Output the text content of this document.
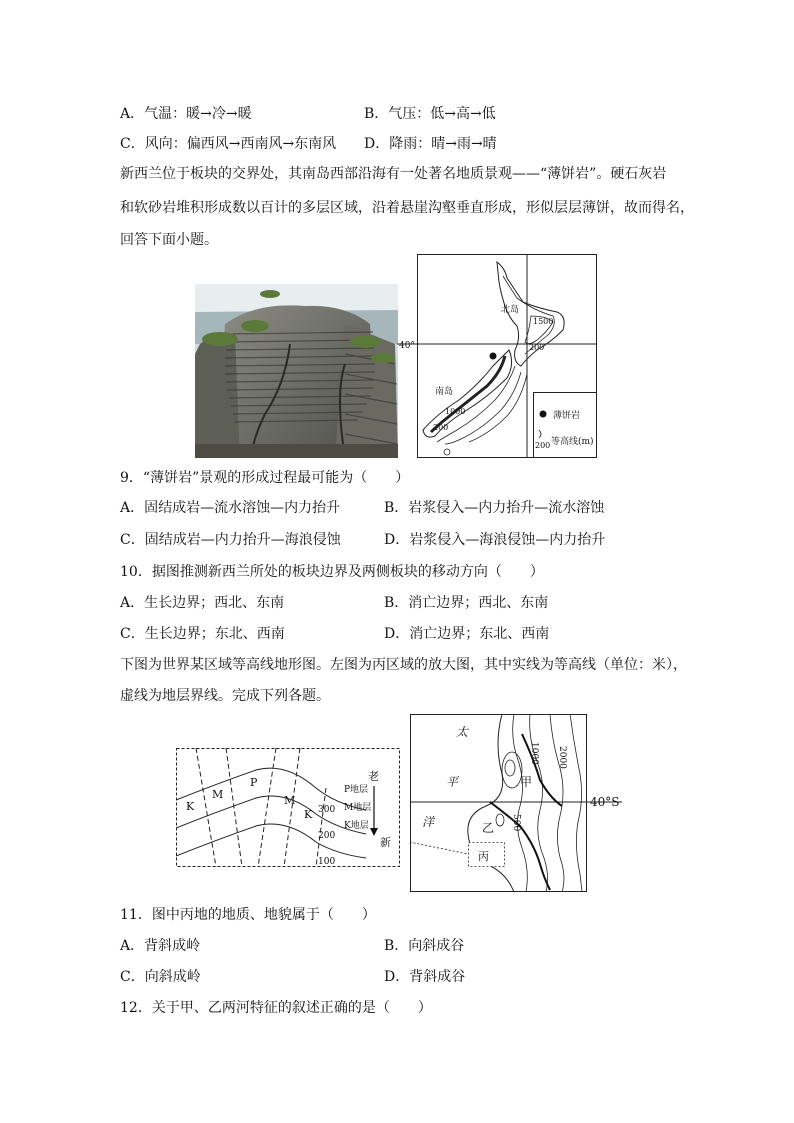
A．气温：暖→冷→暖	B．气压：低→高→低
C．风向：偏西风→西南风→东南风 D．降雨：晴→雨→晴
新西兰位于板块的交界处，其南岛西部沿海有一处著名地质景观——“薄饼岩”。硬石灰岩
和软砂岩堆积形成数以百计的多层区域，沿着悬崖沟壑垂直形成，形似层层薄饼，故而得名，
回答下面小题。
北岛
南岛
40°
1500
200
1000
200
薄饼岩
200 等高线(m)
9．“薄饼岩”景观的形成过程最可能为（　　）
A．固结成岩—流水溶蚀—内力抬升	B．岩浆侵入—内力抬升—流水溶蚀
C．固结成岩—内力抬升—海浪侵蚀	D．岩浆侵入—海浪侵蚀—内力抬升
10．据图推测新西兰所处的板块边界及两侧板块的移动方向（　　）
A．生长边界；西北、东南	B．消亡边界；西北、东南
C．生长边界；东北、西南	D．消亡边界；东北、西南
下图为世界某区域等高线地形图。左图为丙区域的放大图，其中实线为等高线（单位：米），
虚线为地层界线。完成下列各题。
K
M
P
M
K 300
200
100
P地层
M地层
K地层
老
新
太
平
洋
甲
乙
丙
1000 2000
500
40°S
11．图中丙地的地质、地貌属于（　　）
A．背斜成岭	B．向斜成谷
C．向斜成岭	D．背斜成谷
12．关于甲、乙两河特征的叙述正确的是（　　）
